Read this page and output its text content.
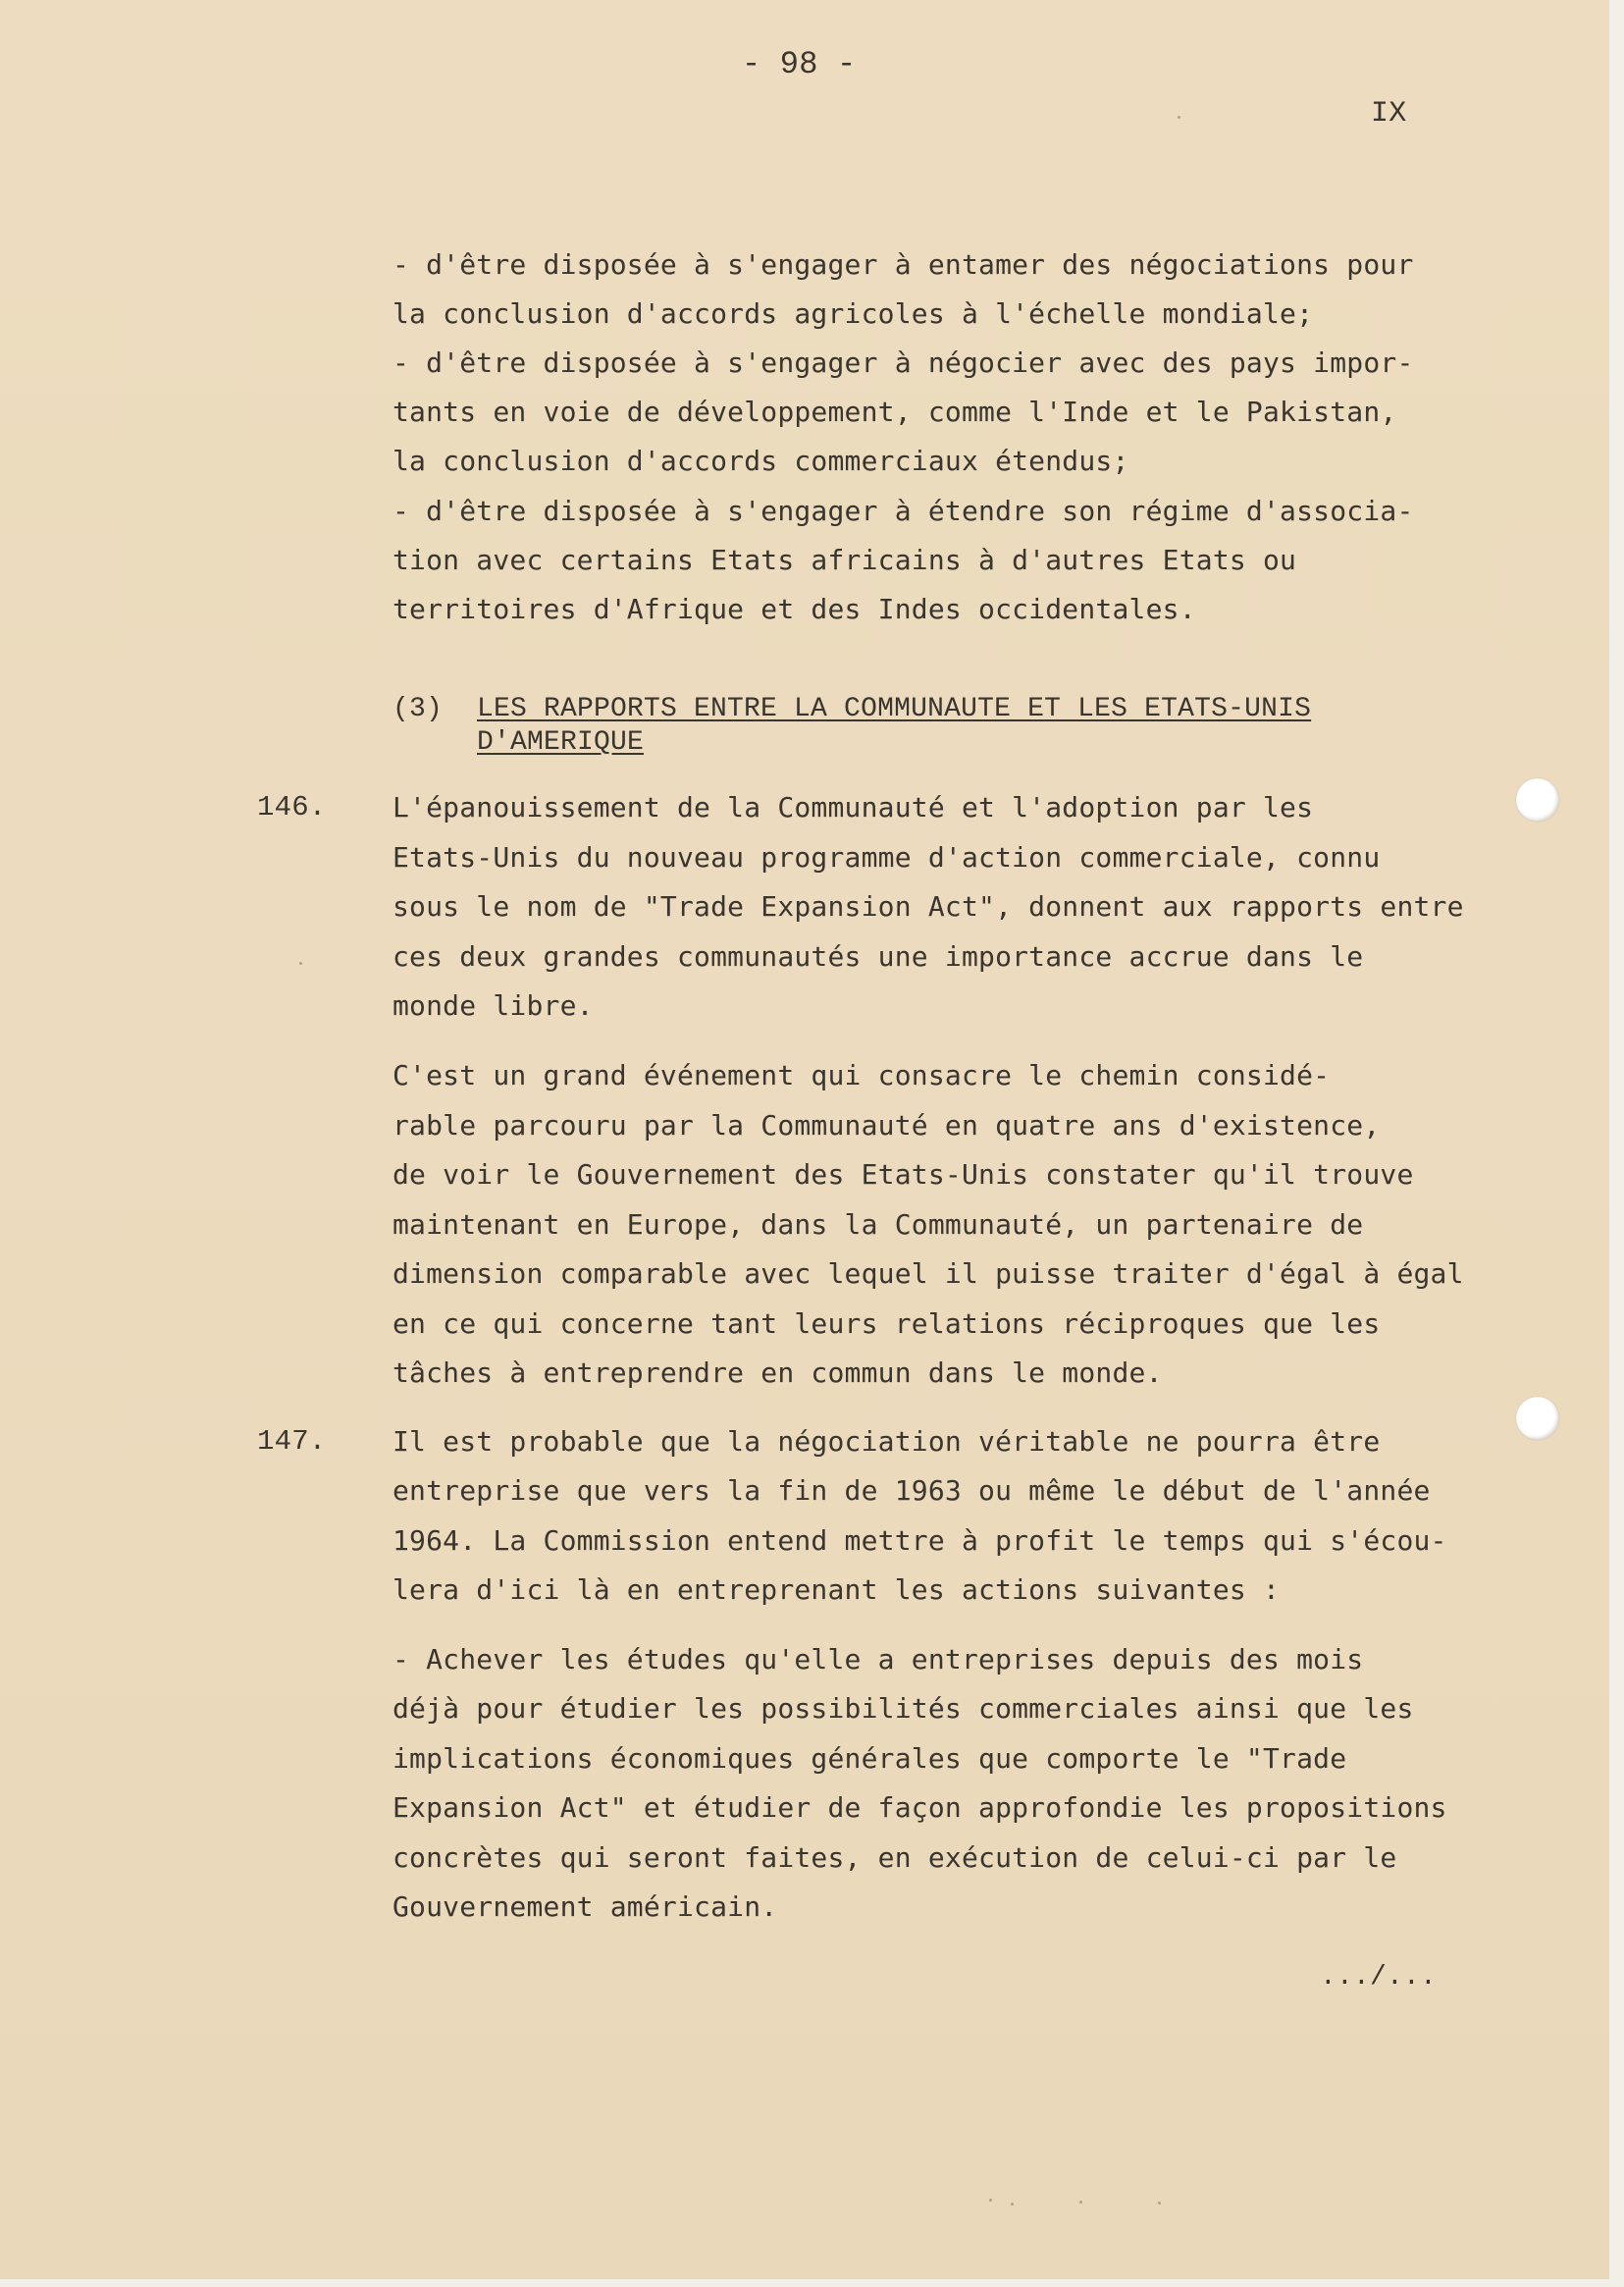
- 98 -
IX
- d'être disposée à s'engager à entamer des négociations pour
la conclusion d'accords agricoles à l'échelle mondiale;
- d'être disposée à s'engager à négocier avec des pays impor-
tants en voie de développement, comme l'Inde et le Pakistan,
la conclusion d'accords commerciaux étendus;
- d'être disposée à s'engager à étendre son régime d'associa-
tion avec certains Etats africains à d'autres Etats ou
territoires d'Afrique et des Indes occidentales.
(3) LES RAPPORTS ENTRE LA COMMUNAUTE ET LES ETATS-UNIS D'AMERIQUE
146. L'épanouissement de la Communauté et l'adoption par les
Etats-Unis du nouveau programme d'action commerciale, connu
sous le nom de "Trade Expansion Act", donnent aux rapports entre
ces deux grandes communautés une importance accrue dans le
monde libre.
C'est un grand événement qui consacre le chemin considé-
rable parcouru par la Communauté en quatre ans d'existence,
de voir le Gouvernement des Etats-Unis constater qu'il trouve
maintenant en Europe, dans la Communauté, un partenaire de
dimension comparable avec lequel il puisse traiter d'égal à égal
en ce qui concerne tant leurs relations réciproques que les
tâches à entreprendre en commun dans le monde.
147. Il est probable que la négociation véritable ne pourra être
entreprise que vers la fin de 1963 ou même le début de l'année
1964. La Commission entend mettre à profit le temps qui s'écou-
lera d'ici là en entreprenant les actions suivantes :
- Achever les études qu'elle a entreprises depuis des mois
déjà pour étudier les possibilités commerciales ainsi que les
implications économiques générales que comporte le "Trade
Expansion Act" et étudier de façon approfondie les propositions
concrètes qui seront faites, en exécution de celui-ci par le
Gouvernement américain.
.../...
